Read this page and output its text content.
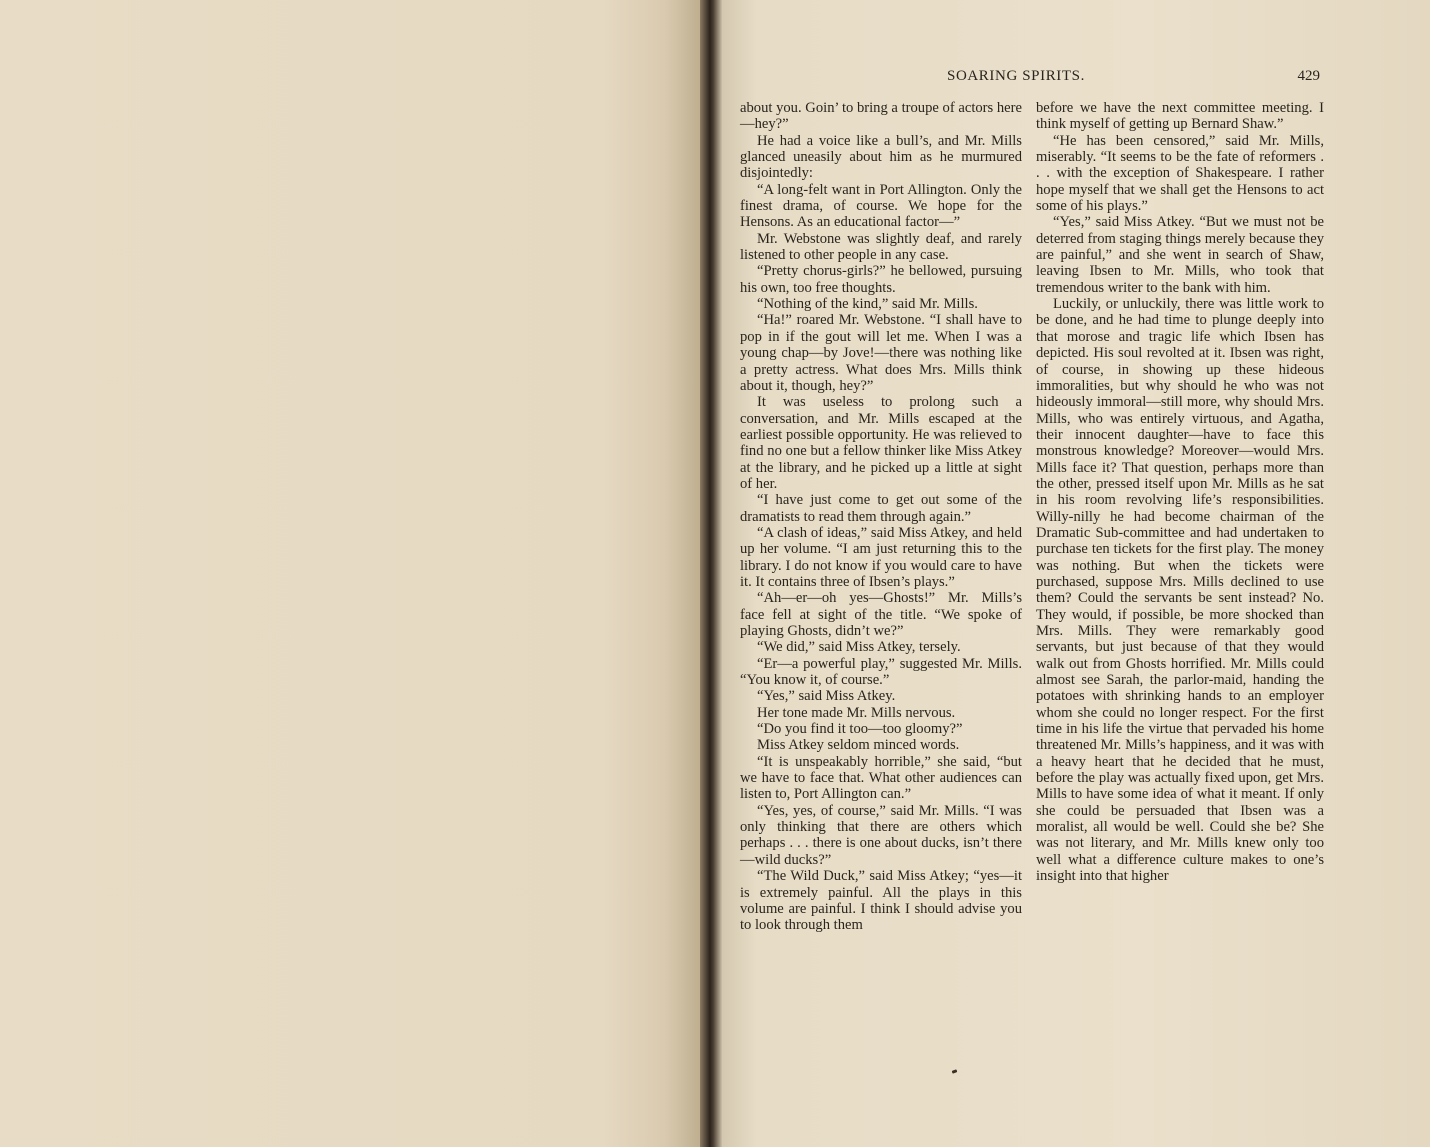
SOARING SPIRITS.	429

about you. Goin’ to bring a troupe of actors here—hey?”

He had a voice like a bull’s, and Mr. Mills glanced uneasily about him as he murmured disjointedly:

“A long-felt want in Port Allington. Only the finest drama, of course. We hope for the Hensons. As an educational factor—”

Mr. Webstone was slightly deaf, and rarely listened to other people in any case.

“Pretty chorus-girls?” he bellowed, pursuing his own, too free thoughts.

“Nothing of the kind,” said Mr. Mills.

“Ha!” roared Mr. Webstone. “I shall have to pop in if the gout will let me. When I was a young chap—by Jove!—there was nothing like a pretty actress. What does Mrs. Mills think about it, though, hey?”

It was useless to prolong such a conversation, and Mr. Mills escaped at the earliest possible opportunity. He was relieved to find no one but a fellow thinker like Miss Atkey at the library, and he picked up a little at sight of her.

“I have just come to get out some of the dramatists to read them through again.”

“A clash of ideas,” said Miss Atkey, and held up her volume. “I am just returning this to the library. I do not know if you would care to have it. It contains three of Ibsen’s plays.”

“Ah—er—oh yes—Ghosts!” Mr. Mills’s face fell at sight of the title. “We spoke of playing Ghosts, didn’t we?”

“We did,” said Miss Atkey, tersely.

“Er—a powerful play,” suggested Mr. Mills. “You know it, of course.”

“Yes,” said Miss Atkey.

Her tone made Mr. Mills nervous.

“Do you find it too—too gloomy?”

Miss Atkey seldom minced words.

“It is unspeakably horrible,” she said, “but we have to face that. What other audiences can listen to, Port Allington can.”

“Yes, yes, of course,” said Mr. Mills. “I was only thinking that there are others which perhaps . . . there is one about ducks, isn’t there—wild ducks?”

“The Wild Duck,” said Miss Atkey; “yes—it is extremely painful. All the plays in this volume are painful. I think I should advise you to look through them

before we have the next committee meeting. I think myself of getting up Bernard Shaw.”

“He has been censored,” said Mr. Mills, miserably. “It seems to be the fate of reformers . . . with the exception of Shakespeare. I rather hope myself that we shall get the Hensons to act some of his plays.”

“Yes,” said Miss Atkey. “But we must not be deterred from staging things merely because they are painful,” and she went in search of Shaw, leaving Ibsen to Mr. Mills, who took that tremendous writer to the bank with him.

Luckily, or unluckily, there was little work to be done, and he had time to plunge deeply into that morose and tragic life which Ibsen has depicted. His soul revolted at it. Ibsen was right, of course, in showing up these hideous immoralities, but why should he who was not hideously immoral—still more, why should Mrs. Mills, who was entirely virtuous, and Agatha, their innocent daughter—have to face this monstrous knowledge? Moreover—would Mrs. Mills face it? That question, perhaps more than the other, pressed itself upon Mr. Mills as he sat in his room revolving life’s responsibilities. Willy-nilly he had become chairman of the Dramatic Sub-committee and had undertaken to purchase ten tickets for the first play. The money was nothing. But when the tickets were purchased, suppose Mrs. Mills declined to use them? Could the servants be sent instead? No. They would, if possible, be more shocked than Mrs. Mills. They were remarkably good servants, but just because of that they would walk out from Ghosts horrified. Mr. Mills could almost see Sarah, the parlor-maid, handing the potatoes with shrinking hands to an employer whom she could no longer respect. For the first time in his life the virtue that pervaded his home threatened Mr. Mills’s happiness, and it was with a heavy heart that he decided that he must, before the play was actually fixed upon, get Mrs. Mills to have some idea of what it meant. If only she could be persuaded that Ibsen was a moralist, all would be well. Could she be? She was not literary, and Mr. Mills knew only too well what a difference culture makes to one’s insight into that higher
